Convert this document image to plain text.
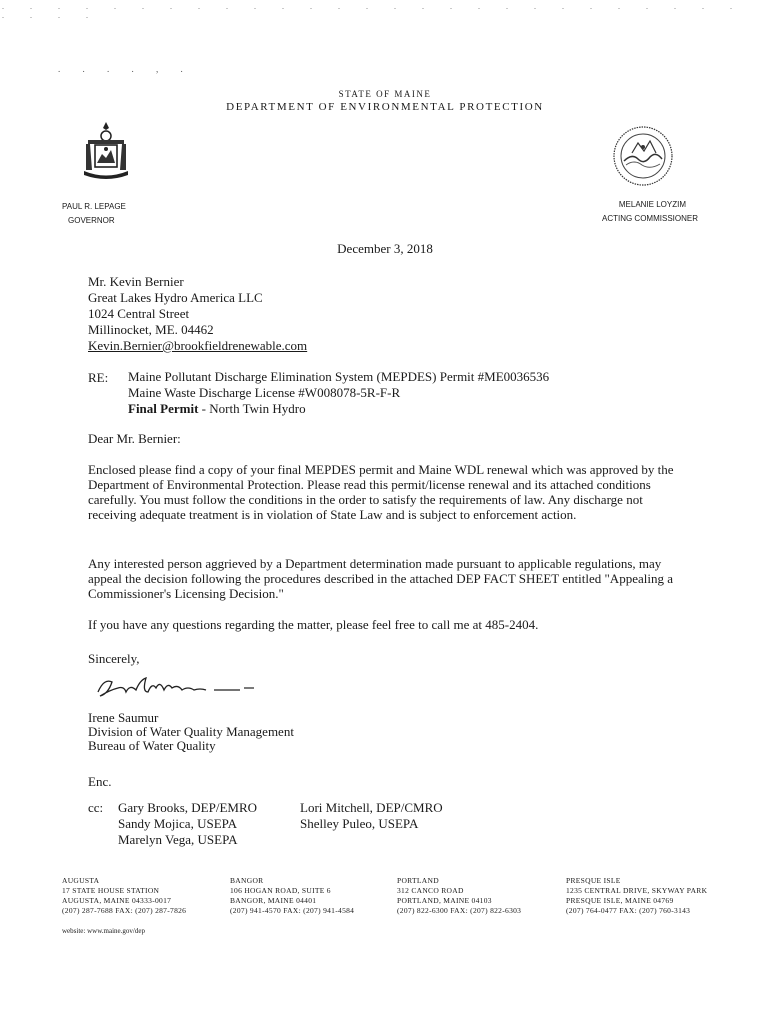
. . . . . . . . . . . . . . . . . . . . . . . . . . . . . . .
. . . . , .
STATE OF MAINE
DEPARTMENT OF ENVIRONMENTAL PROTECTION
PAUL R. LEPAGE
GOVERNOR
MELANIE LOYZIM
ACTING COMMISSIONER
December 3, 2018
Mr. Kevin Bernier
Great Lakes Hydro America LLC
1024 Central Street
Millinocket, ME. 04462
Kevin.Bernier@brookfieldrenewable.com
RE: Maine Pollutant Discharge Elimination System (MEPDES) Permit #ME0036536
Maine Waste Discharge License #W008078-5R-F-R
Final Permit - North Twin Hydro
Dear Mr. Bernier:
Enclosed please find a copy of your final MEPDES permit and Maine WDL renewal which was approved by the Department of Environmental Protection. Please read this permit/license renewal and its attached conditions carefully. You must follow the conditions in the order to satisfy the requirements of law. Any discharge not receiving adequate treatment is in violation of State Law and is subject to enforcement action.
Any interested person aggrieved by a Department determination made pursuant to applicable regulations, may appeal the decision following the procedures described in the attached DEP FACT SHEET entitled "Appealing a Commissioner's Licensing Decision."
If you have any questions regarding the matter, please feel free to call me at 485-2404.
Sincerely,
Irene Saumur
Division of Water Quality Management
Bureau of Water Quality
Enc.
cc: Gary Brooks, DEP/EMRO
Sandy Mojica, USEPA
Marelyn Vega, USEPA
Lori Mitchell, DEP/CMRO
Shelley Puleo, USEPA
AUGUSTA
17 STATE HOUSE STATION
AUGUSTA, MAINE 04333-0017
(207) 287-7688 FAX: (207) 287-7826
BANGOR
106 HOGAN ROAD, SUITE 6
BANGOR, MAINE 04401
(207) 941-4570 FAX: (207) 941-4584
PORTLAND
312 CANCO ROAD
PORTLAND, MAINE 04103
(207) 822-6300 FAX: (207) 822-6303
PRESQUE ISLE
1235 CENTRAL DRIVE, SKYWAY PARK
PRESQUE ISLE, MAINE 04769
(207) 764-0477 FAX: (207) 760-3143
website: www.maine.gov/dep
